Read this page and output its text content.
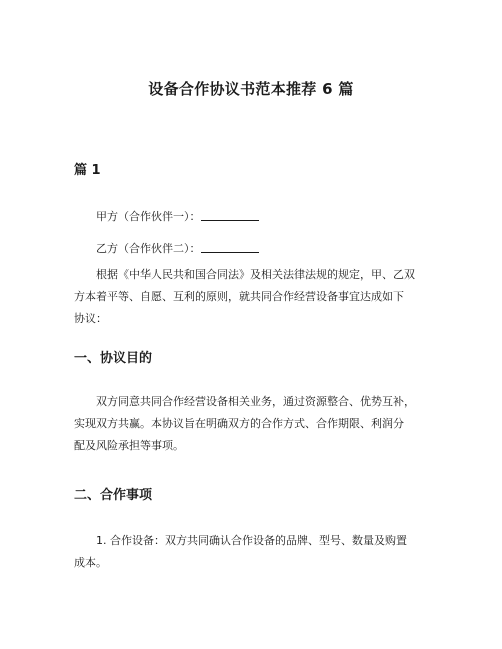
设备合作协议书范本推荐 6 篇
篇 1
甲方（合作伙伴一）：
乙方（合作伙伴二）：
根据《中华人民共和国合同法》及相关法律法规的规定，甲、乙双
方本着平等、自愿、互利的原则，就共同合作经营设备事宜达成如下
协议：
一、协议目的
双方同意共同合作经营设备相关业务，通过资源整合、优势互补，
实现双方共赢。本协议旨在明确双方的合作方式、合作期限、利润分
配及风险承担等事项。
二、合作事项
1. 合作设备：双方共同确认合作设备的品牌、型号、数量及购置
成本。
